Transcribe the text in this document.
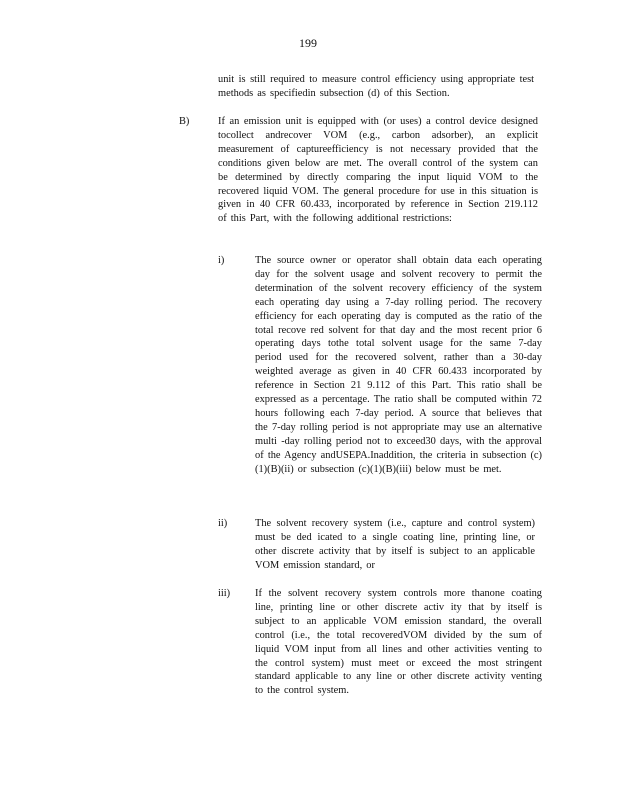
199
unit is still required to measure control efficiency using appropriate test methods as specifiedin subsection (d) of this Section.
B)	If an emission unit is equipped with (or uses) a control device designed tocollect andrecover VOM (e.g., carbon adsorber), an explicit measurement of captureefficiency is not necessary provided that the conditions given below are met. The overall control of the system can be determined by directly comparing the input liquid VOM to the recovered liquid VOM. The general procedure for use in this situation is given in 40 CFR 60.433, incorporated by reference in Section 219.112 of this Part, with the following additional restrictions:
i)	The source owner or operator shall obtain data each operating day for the solvent usage and solvent recovery to permit the determination of the solvent recovery efficiency of the system each operating day using a 7-day rolling period. The recovery efficiency for each operating day is computed as the ratio of the total recove red solvent for that day and the most recent prior 6 operating days tothe total solvent usage for the same 7-day period used for the recovered solvent, rather than a 30-day weighted average as given in 40 CFR 60.433 incorporated by reference in Section 21 9.112 of this Part. This ratio shall be expressed as a percentage. The ratio shall be computed within 72 hours following each 7-day period. A source that believes that the 7-day rolling period is not appropriate may use an alternative multi -day rolling period not to exceed30 days, with the approval of the Agency andUSEPA.Inaddition, the criteria in subsection (c)(1)(B)(ii) or subsection (c)(1)(B)(iii) below must be met.
ii)	The solvent recovery system (i.e., capture and control system) must be ded icated to a single coating line, printing line, or other discrete activity that by itself is subject to an applicable VOM emission standard, or
iii) If the solvent recovery system controls more thanone coating line, printing line or other discrete activ ity that by itself is subject to an applicable VOM emission standard, the overall control (i.e., the total recoveredVOM divided by the sum of liquid VOM input from all lines and other activities venting to the control system) must meet or exceed the most stringent standard applicable to any line or other discrete activity venting to the control system.
